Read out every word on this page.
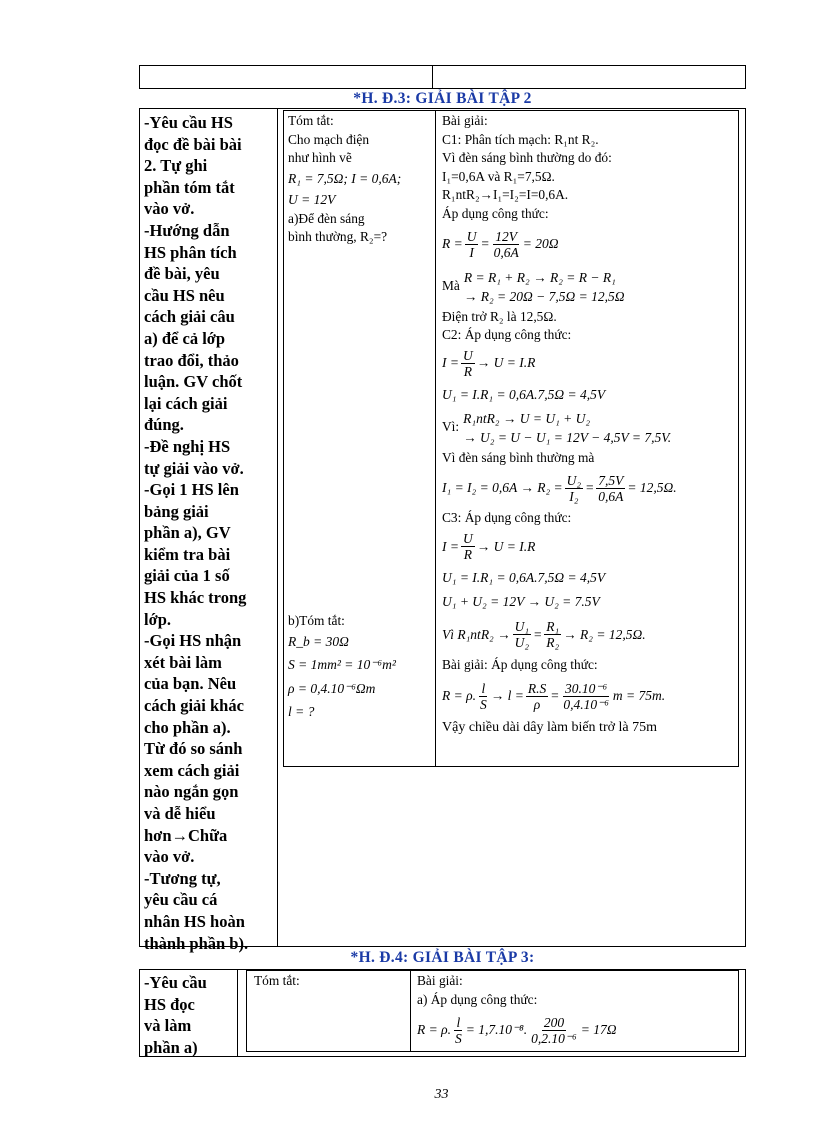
*H. Đ.3: GIẢI BÀI TẬP 2
-Yêu cầu HS
đọc đề bài bài
2. Tự ghi
phần tóm tắt
vào vở.
-Hướng dẫn
HS phân tích
đề bài, yêu
cầu HS nêu
cách giải câu
a) để cả lớp
trao đổi, thảo
luận. GV chốt
lại cách giải
đúng.
-Đề nghị HS
tự giải vào vở.
-Gọi 1 HS lên
bảng giải
phần a), GV
kiểm tra bài
giải của 1 số
HS khác trong
lớp.
-Gọi HS nhận
xét bài làm
của bạn. Nêu
cách giải khác
cho phần a).
Từ đó so sánh
xem cách giải
nào ngắn gọn
và dễ hiểu
hơn→Chữa
vào vở.
-Tương tự,
yêu cầu cá
nhân HS hoàn
thành phần b).
Tóm tắt:
Cho mạch điện
như hình vẽ
R₁ = 7,5Ω; I = 0,6A;
U = 12V
a)Để đèn sáng
bình thường, R₂=?
b)Tóm tắt:
R_b = 30Ω
S = 1mm² = 10⁻⁶m²
ρ = 0,4.10⁻⁶Ωm
l = ?
Bài giải:
C1: Phân tích mạch: R₁nt R₂.
Vì đèn sáng bình thường do đó:
I₁=0,6A và R₁=7,5Ω.
R₁ntR₂→I₁=I₂=I=0,6A.
Áp dụng công thức:
$R = \frac{U}{I} = \frac{12V}{0,6A} = 20\Omega$
Mà
R = R₁ + R₂ → R₂ = R − R₁
→ R₂ = 20Ω − 7,5Ω = 12,5Ω
Điện trở R₂ là 12,5Ω.
C2: Áp dụng công thức:
$I = \frac{U}{R} \to U = I.R$
U₁ = I.R₁ = 0,6A.7,5Ω = 4,5V
Vì:
R₁ntR₂ → U = U₁ + U₂
→ U₂ = U − U₁ = 12V − 4,5V = 7,5V.
Vì đèn sáng bình thường mà
$I_1 = I_2 = 0,6A \to R_2 = \frac{\text{U₂}}{\text{I₂}} = \frac{7,5V}{0,6A} = 12,5\Omega$.
C3: Áp dụng công thức:
$I = \frac{U}{R} \to U = I.R$
U₁ = I.R₁ = 0,6A.7,5Ω = 4,5V
U₁ + U₂ = 12V → U₂ = 7.5V
Vì $R_1ntR_2 \to \frac{\text{U₁}}{\text{U₂}} = \frac{\text{R₁}}{\text{R₂}} \to R_2 = 12,5\Omega$.
Bài giải: Áp dụng công thức:
R = ρ. $\frac{l}{S} \to l = \frac{R.S}{\rho} = \frac{\text{30.10⁻⁶}}{\text{0,4.10⁻⁶}}$ m = 75m.
Vậy chiều dài dây làm biến trở là 75m
*H. Đ.4: GIẢI BÀI TẬP 3:
-Yêu cầu
HS đọc
và làm
phần a)
Tóm tắt:	Bài giải:
a) Áp dụng công thức:
R = ρ. $\frac{l}{S} = 1,7.10^{-8}$. $\frac{200}{\text{0,2.10⁻⁶}} = 17\Omega$
33
